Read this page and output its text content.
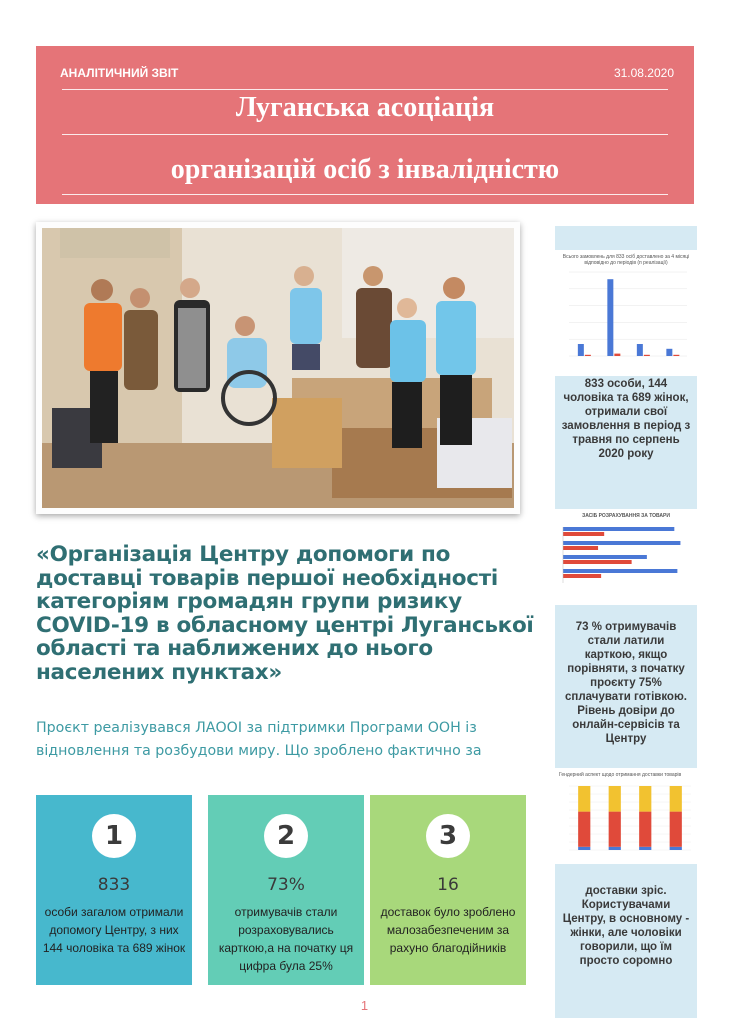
АНАЛІТИЧНИЙ ЗВІТ	31.08.2020
Луганська асоціація
організацій осіб з інвалідністю
Всього замовлень для 833 осіб доставлено за 4 місяці відповідно до періодів (п реалізації)
833 особи, 144 чоловіка та 689 жінок, отримали свої замовлення в період з травня по серпень 2020 року
ЗАСІБ РОЗРАХУВАННЯ ЗА ТОВАРИ
73 % отримувачів стали латили карткою, якщо порівняти, з початку проєкту 75% сплачувати готівкою. Рівень довіри до онлайн-сервісів та Центру
Гендерний аспект щодо отримання доставки товарів
доставки зріс. Користувачами Центру, в основному - жінки, але чоловіки говорили, що їм просто соромно
«Організація Центру допомоги по доставці товарів першої необхідності категоріям громадян групи ризику COVID-19 в обласному центрі Луганської області та наближених до нього населених пунктах»
Проєкт реалізувався ЛАООІ за підтримки Програми ООН із відновлення та розбудови миру. Що зроблено фактично за
1
833
особи загалом отримали допомогу Центру, з них 144 чоловіка та 689 жінок
2
73%
отримувачів стали розраховувались карткою,а на початку ця цифра була 25%
3
16
доставок було зроблено малозабезпеченим за рахуно благодійників
1
